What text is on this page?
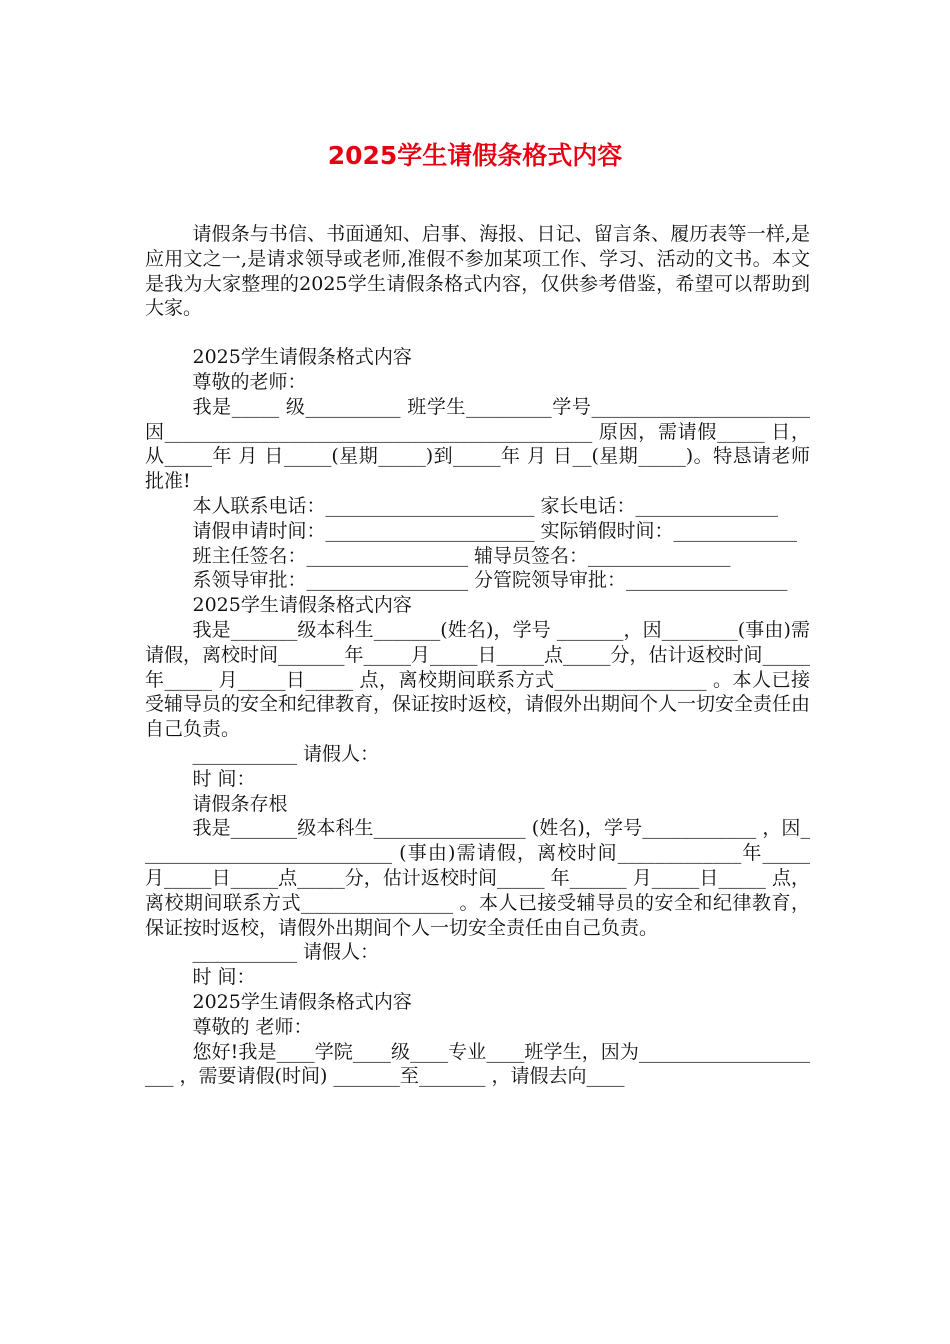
2025学生请假条格式内容

请假条与书信、书面通知、启事、海报、日记、留言条、履历表等一样,是应用文之一,是请求领导或老师,准假不参加某项工作、学习、活动的文书。本文是我为大家整理的2025学生请假条格式内容，仅供参考借鉴，希望可以帮助到大家。

2025学生请假条格式内容

尊敬的老师：

我是_____ 级__________ 班学生_________学号_______________________因_____________________________________________ 原因，需请假_____ 日，从_____年 月 日_____(星期_____)到_____年 月 日__(星期_____)。特恳请老师批准!

本人联系电话：______________________ 家长电话：_______________

请假申请时间：______________________ 实际销假时间：_____________

班主任签名：_________________ 辅导员签名：_______________

系领导审批：_________________ 分管院领导审批：_________________

2025学生请假条格式内容

我是_______级本科生_______(姓名)，学号 _______，因________(事由)需请假，离校时间_______年_____月_____日_____点_____分，估计返校时间_____ 年_____ 月_____日_____ 点，离校期间联系方式________________ 。本人已接受辅导员的安全和纪律教育，保证按时返校，请假外出期间个人一切安全责任由自己负责。

___________ 请假人：

时 间：

请假条存根

我是_______级本科生________________ (姓名)，学号____________ ，因___________________________ (事由)需请假，离校时间_____________年_____月_____日_____点_____分，估计返校时间_____ 年______ 月_____日_____ 点，离校期间联系方式________________ 。本人已接受辅导员的安全和纪律教育，保证按时返校，请假外出期间个人一切安全责任由自己负责。

___________ 请假人：

时 间：

2025学生请假条格式内容

尊敬的 老师：

您好!我是____学院____级____专业____班学生，因为_____________________ ，需要请假(时间) _______至_______ ，请假去向____
